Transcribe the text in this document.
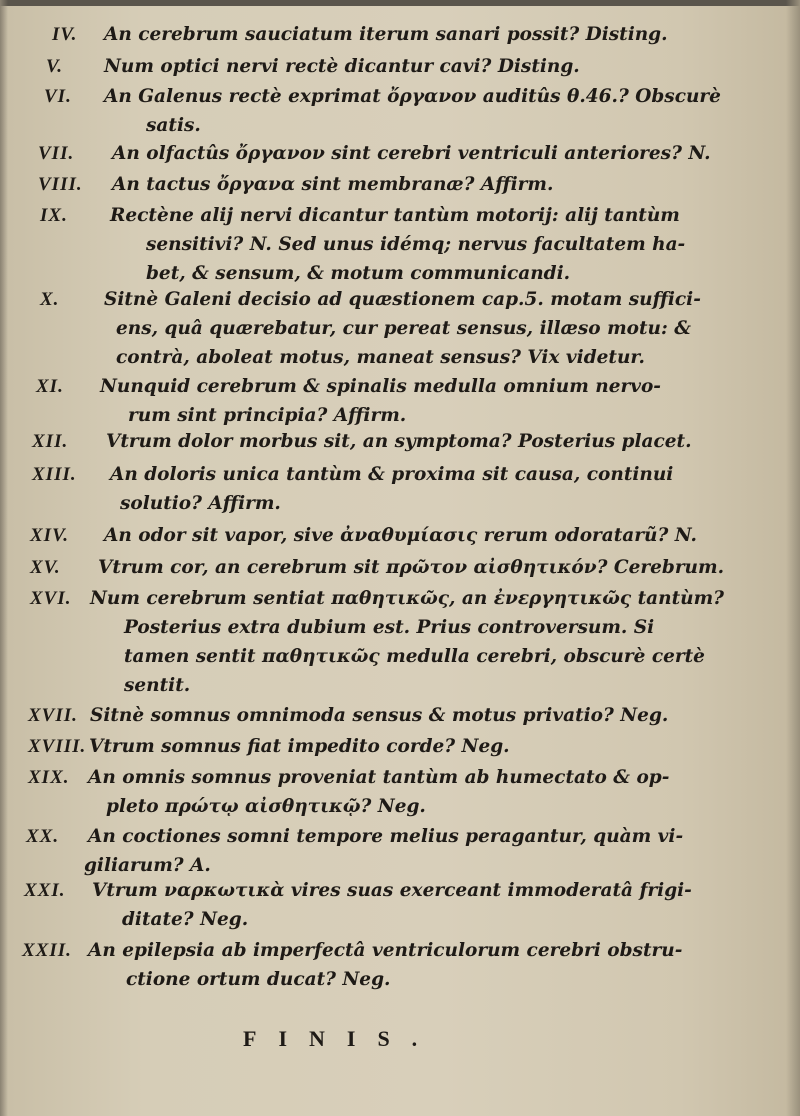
IV. An cerebrum sauciatum iterum sanari possit? Disting.
V. Num optici nervi rectè dicantur cavi? Disting.
VI. An Galenus rectè exprimat ὄργανον auditûs θ.46.? Obscurè
satis.
VII. An olfactûs ὄργανον sint cerebri ventriculi anteriores? N.
VIII. An tactus ὄργανα sint membranæ? Affirm.
IX. Rectène alij nervi dicantur tantùm motorij: alij tantùm
sensitivi? N. Sed unus idémq; nervus facultatem ha-
bet, & sensum, & motum communicandi.
X. Sitnè Galeni decisio ad quæstionem cap.5. motam suffici-
ens, quâ quærebatur, cur pereat sensus, illæso motu: &
contrà, aboleat motus, maneat sensus? Vix videtur.
XI. Nunquid cerebrum & spinalis medulla omnium nervo-
rum sint principia? Affirm.
XII. Vtrum dolor morbus sit, an symptoma? Posterius placet.
XIII. An doloris unica tantùm & proxima sit causa, continui
solutio? Affirm.
XIV. An odor sit vapor, sive ἀναθυμίασις rerum odoratarũ? N.
XV. Vtrum cor, an cerebrum sit πρῶτον αἰσθητικόν? Cerebrum.
XVI. Num cerebrum sentiat παθητικῶς, an ἐνεργητικῶς tantùm?
Posterius extra dubium est. Prius controversum. Si
tamen sentit παθητικῶς medulla cerebri, obscurè certè
sentit.
XVII. Sitnè somnus omnimoda sensus & motus privatio? Neg.
XVIII. Vtrum somnus fiat impedito corde? Neg.
XIX. An omnis somnus proveniat tantùm ab humectato & op-
pleto πρώτῳ αἰσθητικῷ? Neg.
XX. An coctiones somni tempore melius peragantur, quàm vi-
giliarum? A.
XXI. Vtrum ναρκωτικὰ vires suas exerceant immoderatâ frigi-
ditate? Neg.
XXII. An epilepsia ab imperfectâ ventriculorum cerebri obstru-
ctione ortum ducat? Neg.
FINIS.
